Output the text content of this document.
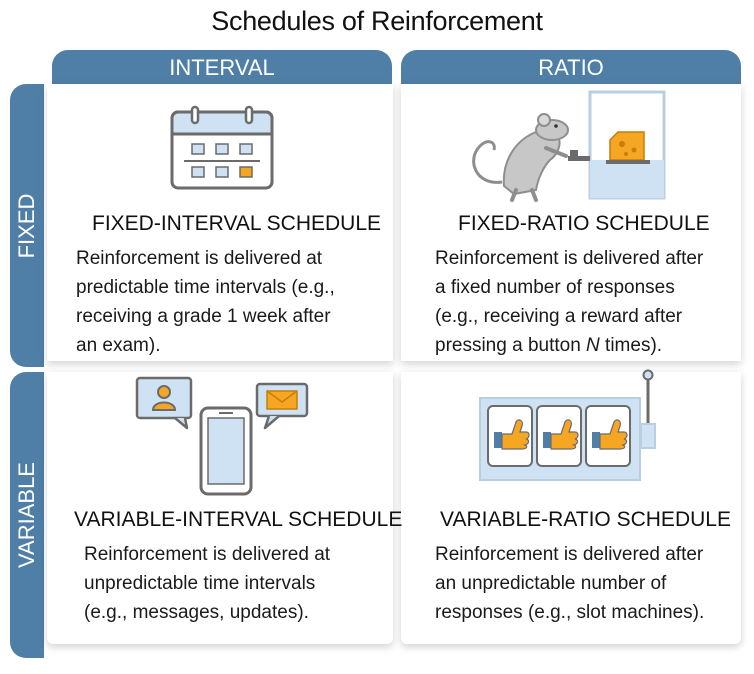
Schedules of Reinforcement
INTERVAL	RATIO
FIXED
VARIABLE
FIXED-INTERVAL SCHEDULE
Reinforcement is delivered at
predictable time intervals (e.g.,
receiving a grade 1 week after
an exam).
FIXED-RATIO SCHEDULE
Reinforcement is delivered after
a fixed number of responses
(e.g., receiving a reward after
pressing a button N times).
VARIABLE-INTERVAL SCHEDULE
Reinforcement is delivered at
unpredictable time intervals
(e.g., messages, updates).
VARIABLE-RATIO SCHEDULE
Reinforcement is delivered after
an unpredictable number of
responses (e.g., slot machines).
